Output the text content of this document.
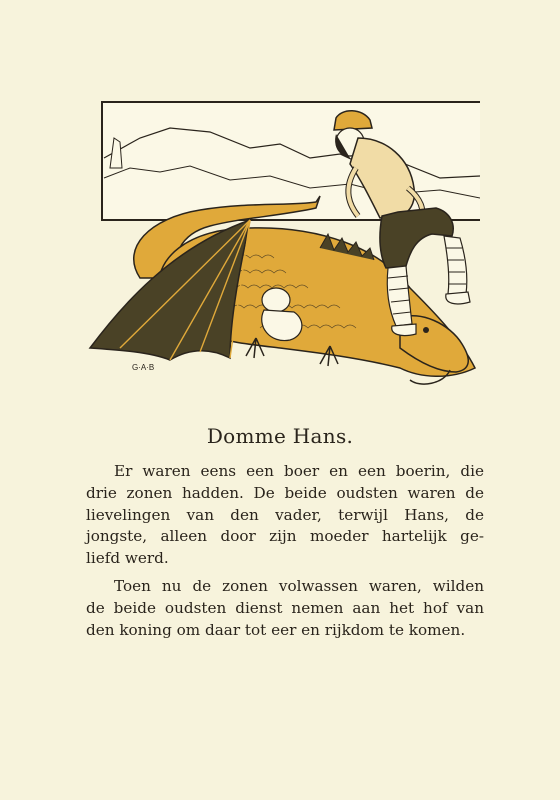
G·A·B
Domme Hans.
Er waren eens een boer en een boerin, die
drie zonen hadden. De beide oudsten waren de
lievelingen van den vader, terwijl Hans, de
jongste, alleen door zijn moeder hartelijk ge-
liefd werd.
Toen nu de zonen volwassen waren, wilden
de beide oudsten dienst nemen aan het hof van
den koning om daar tot eer en rijkdom te komen.
